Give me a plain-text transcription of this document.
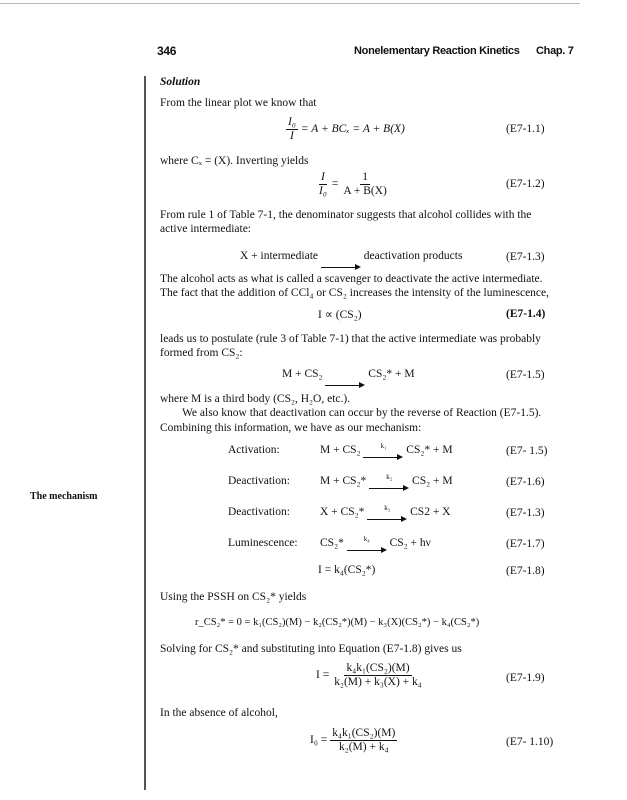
346	Nonelementary Reaction Kinetics Chap. 7
The mechanism
Solution
From the linear plot we know that
$\frac{\text{I₀}}{I} = A + BC_x = A + B(X)$	(E7-1.1)
where Cₓ = (X). Inverting yields
$\frac{I}{\text{I₀}} = \frac{1}{A + B(X)}$	(E7-1.2)
From rule 1 of Table 7-1, the denominator suggests that alcohol collides with the
active intermediate:
X + intermediate	deactivation products	(E7-1.3)
The alcohol acts as what is called a scavenger to deactivate the active intermediate.
The fact that the addition of CCl₄ or CS₂ increases the intensity of the luminescence,
I ∝ (CS₂)	(E7-1.4)
leads us to postulate (rule 3 of Table 7-1) that the active intermediate was probably
formed from CS₂:
M + CS₂	CS₂* + M	(E7-1.5)
where M is a third body (CS₂, H₂O, etc.).
We also know that deactivation can occur by the reverse of Reaction (E7-1.5).
Combining this information, we have as our mechanism:
Activation:	M + CS₂	k₁ CS₂* + M	(E7- 1.5)
Deactivation:	M + CS₂*	k₂ CS₂ + M	(E7-1.6)
Deactivation:	X + CS₂*	k₃ CS2 + X	(E7-1.3)
Luminescence: CS₂*	k₄ CS₂ + hν	(E7-1.7)
I = k₄(CS₂*)	(E7-1.8)
Using the PSSH on CS₂* yields
r_CS₂* = 0 = k₁(CS₂)(M) − k₂(CS₂*)(M) − k₃(X)(CS₂*) − k₄(CS₂*)
Solving for CS₂* and substituting into Equation (E7-1.8) gives us
$I = \frac{\text{k₄k₁(CS₂)(M)}}{\text{k₂(M) + k₃(X) + k₄}}$	(E7-1.9)
In the absence of alcohol,
$I_0 = \frac{\text{k₄k₁(CS₂)(M)}}{\text{k₂(M) + k₄}}$	(E7- 1.10)
